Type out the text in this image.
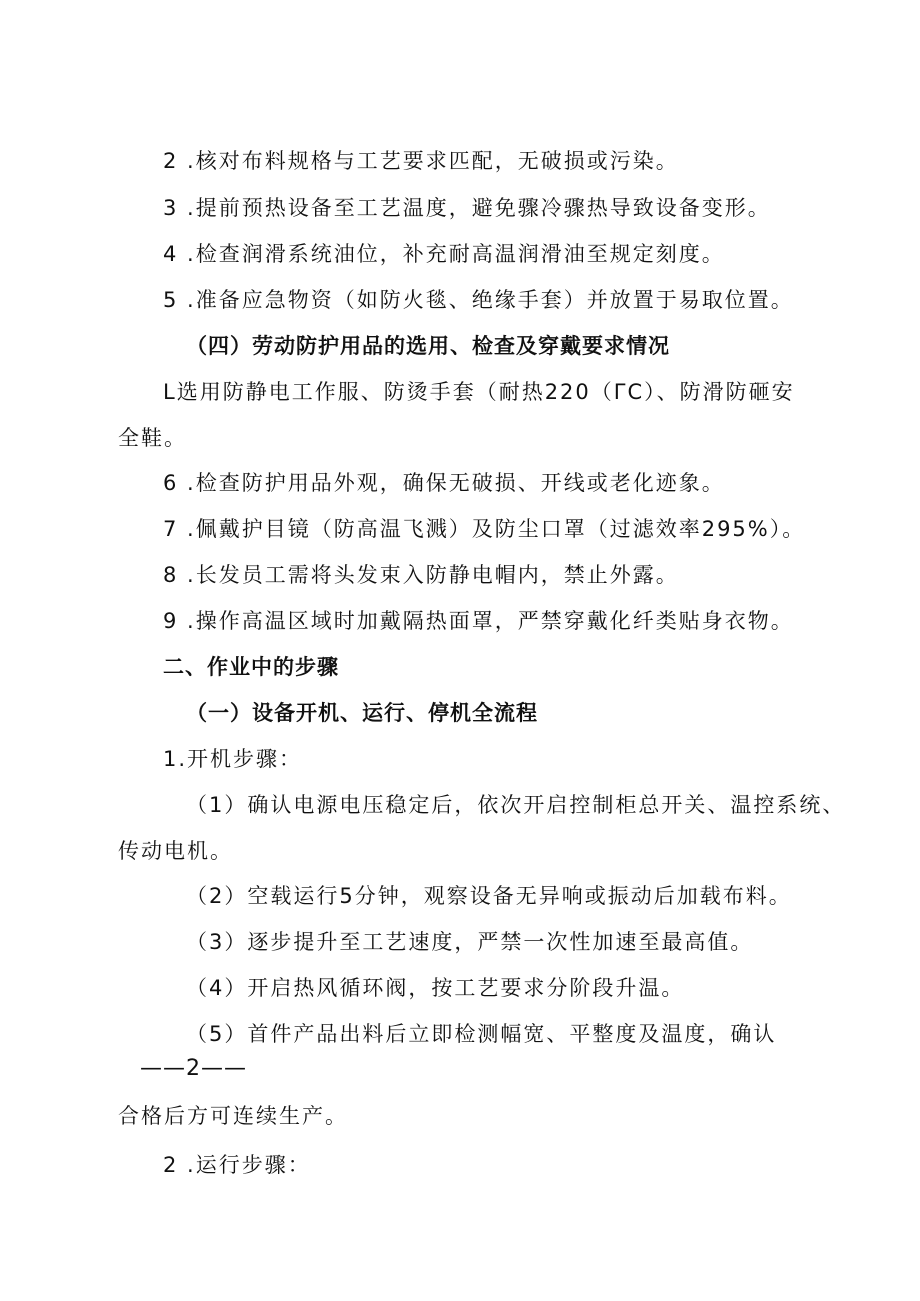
2 .核对布料规格与工艺要求匹配，无破损或污染。
3 .提前预热设备至工艺温度，避免骤冷骤热导致设备变形。
4 .检查润滑系统油位，补充耐高温润滑油至规定刻度。
5 .准备应急物资（如防火毯、绝缘手套）并放置于易取位置。
（四）劳动防护用品的选用、检查及穿戴要求情况
L选用防静电工作服、防烫手套（耐热220（ΓC）、防滑防砸安
全鞋。
6 .检查防护用品外观，确保无破损、开线或老化迹象。
7 .佩戴护目镜（防高温飞溅）及防尘口罩（过滤效率295%）。
8 .长发员工需将头发束入防静电帽内，禁止外露。
9 .操作高温区域时加戴隔热面罩，严禁穿戴化纤类贴身衣物。
二、作业中的步骤
（一）设备开机、运行、停机全流程
1.开机步骤：
（1）确认电源电压稳定后，依次开启控制柜总开关、温控系统、
传动电机。
（2）空载运行5分钟，观察设备无异响或振动后加载布料。
（3）逐步提升至工艺速度，严禁一次性加速至最高值。
（4）开启热风循环阀，按工艺要求分阶段升温。
（5）首件产品出料后立即检测幅宽、平整度及温度，确认
——2——
合格后方可连续生产。
2 .运行步骤：
